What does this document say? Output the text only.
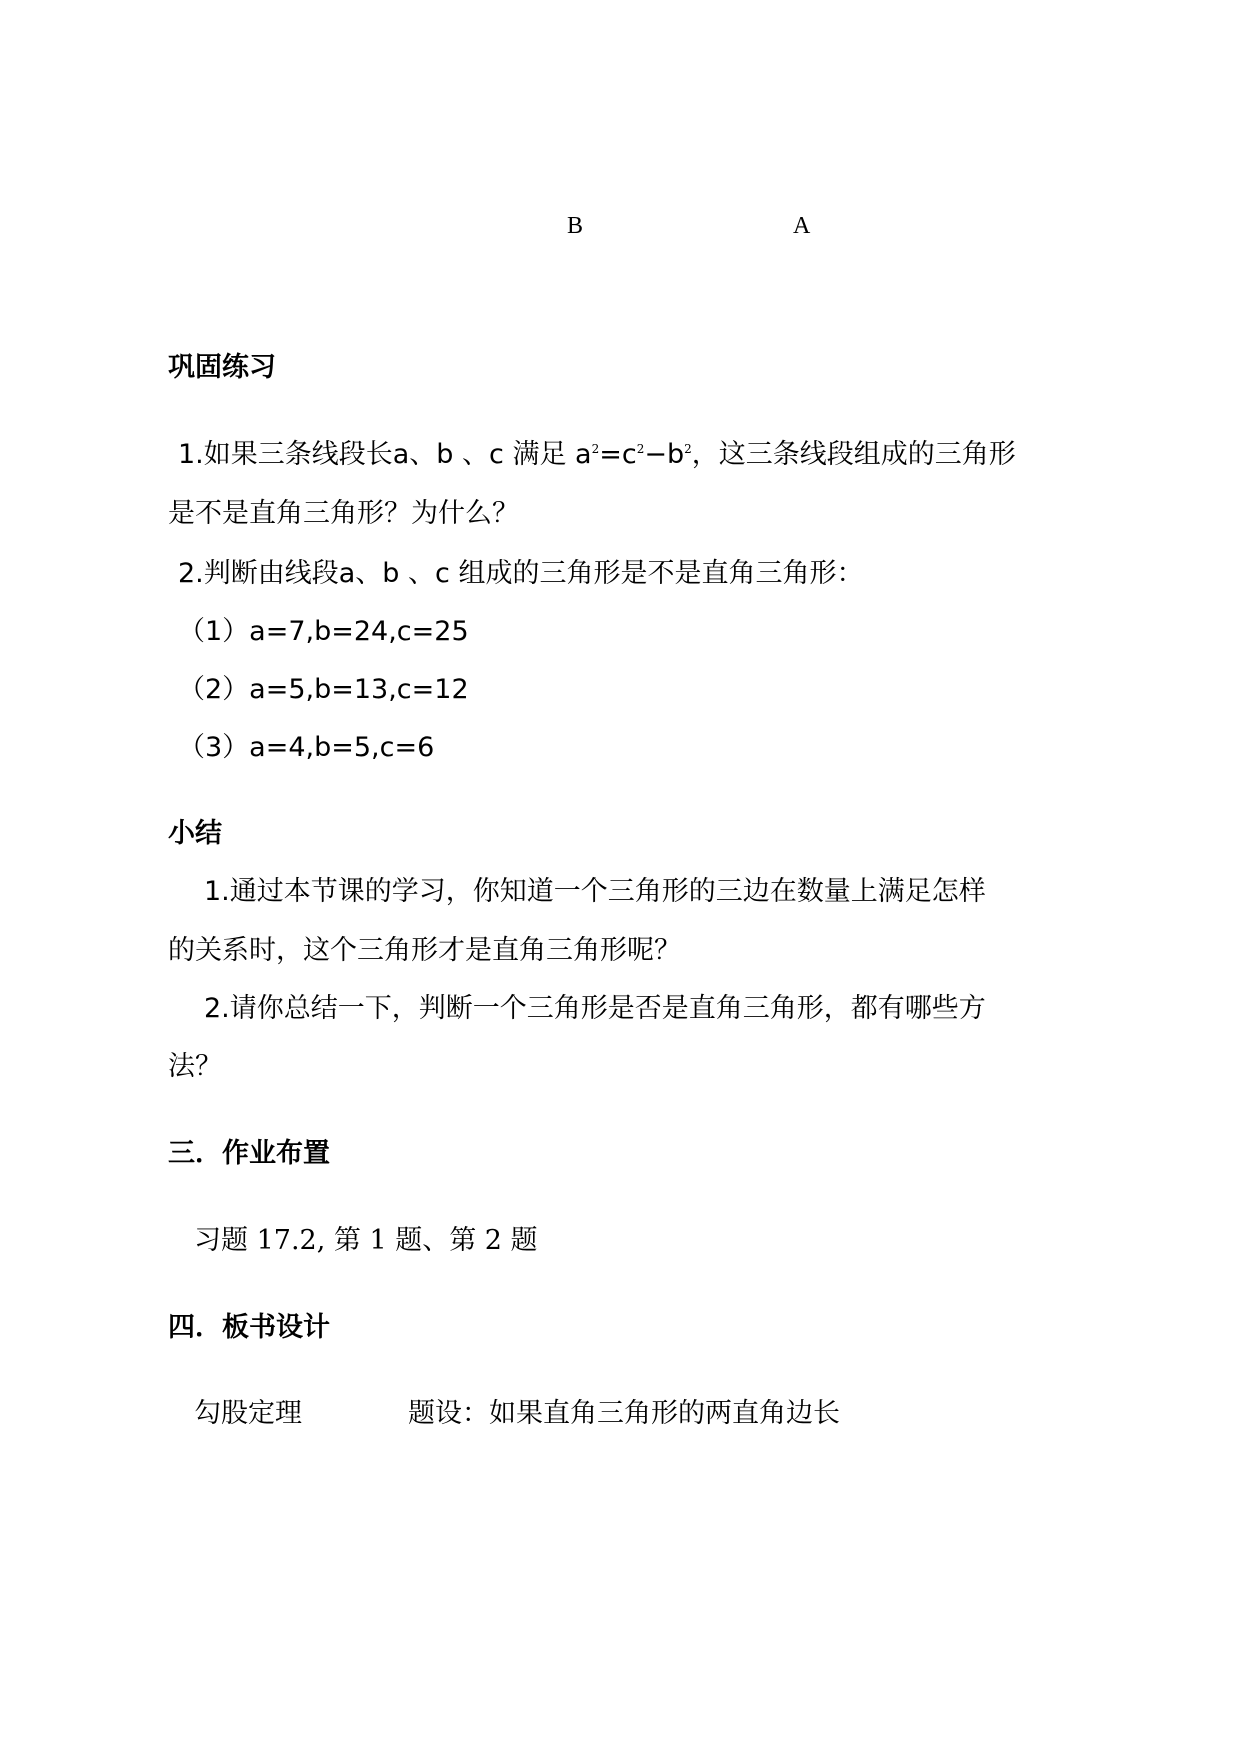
B	A
巩固练习
1.如果三条线段长a、b 、c 满足 $a^2=c^2-b^2$，这三条线段组成的三角形
是不是直角三角形？为什么？
2.判断由线段a、b 、c 组成的三角形是不是直角三角形：
（1）a=7,b=24,c=25
（2）a=5,b=13,c=12
（3）a=4,b=5,c=6
小结
1.通过本节课的学习，你知道一个三角形的三边在数量上满足怎样
的关系时，这个三角形才是直角三角形呢？
2.请你总结一下，判断一个三角形是否是直角三角形，都有哪些方
法？
三．作业布置
习题 17.2, 第 1 题、第 2 题
四．板书设计
勾股定理	题设：如果直角三角形的两直角边长
